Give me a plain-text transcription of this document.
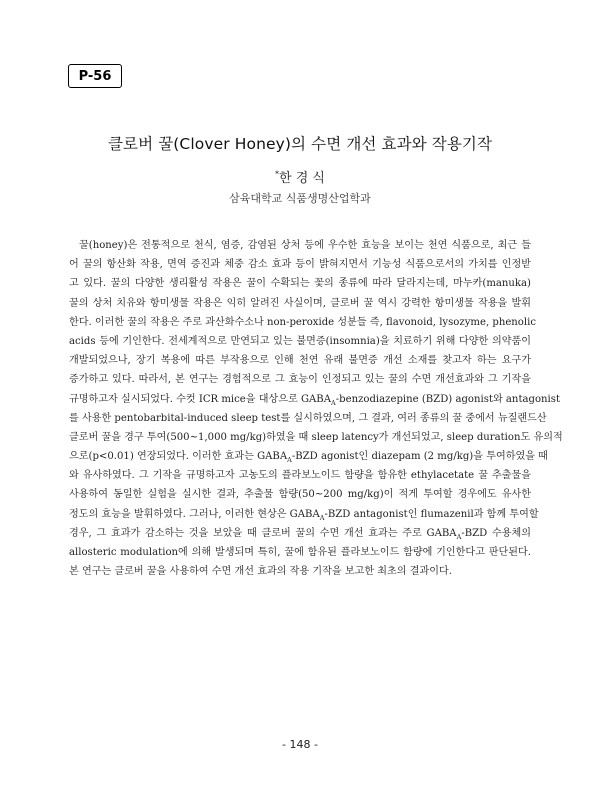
P-56
클로버 꿀(Clover Honey)의 수면 개선 효과와 작용기작
*한 경 식
삼육대학교 식품생명산업학과
꿀(honey)은 전통적으로 천식, 염증, 감염된 상처 등에 우수한 효능을 보이는 천연 식품으로, 최근 들
어 꿀의 항산화 작용, 면역 증진과 체중 감소 효과 등이 밝혀지면서 기능성 식품으로서의 가치를 인정받
고 있다. 꿀의 다양한 생리활성 작용은 꿀이 수확되는 꽃의 종류에 따라 달라지는데, 마누카(manuka)
꿀의 상처 치유와 항미생물 작용은 익히 알려진 사실이며, 클로버 꿀 역시 강력한 항미생물 작용을 발휘
한다. 이러한 꿀의 작용은 주로 과산화수소나 non-peroxide 성분들 즉, flavonoid, lysozyme, phenolic
acids 등에 기인한다. 전세계적으로 만연되고 있는 불면증(insomnia)을 치료하기 위해 다양한 의약품이
개발되었으나, 장기 복용에 따른 부작용으로 인해 천연 유래 불면증 개선 소재를 찾고자 하는 요구가
증가하고 있다. 따라서, 본 연구는 경험적으로 그 효능이 인정되고 있는 꿀의 수면 개선효과와 그 기작을
규명하고자 실시되었다. 수컷 ICR mice을 대상으로 $GABA_A$-benzodiazepine (BZD) agonist와 antagonist
를 사용한 pentobarbital-induced sleep test를 실시하였으며, 그 결과, 여러 종류의 꿀 중에서 뉴질랜드산
클로버 꿀을 경구 투여(500~1,000 mg/kg)하였을 때 sleep latency가 개선되었고, sleep duration도 유의적
으로(p<0.01) 연장되었다. 이러한 효과는 $GABA_A$-BZD agonist인 diazepam (2 mg/kg)을 투여하였을 때
와 유사하였다. 그 기작을 규명하고자 고농도의 플라보노이드 함량을 함유한 ethylacetate 꿀 추출물을
사용하여 동일한 실험을 실시한 결과, 추출물 함량(50~200 mg/kg)이 적게 투여할 경우에도 유사한
정도의 효능을 발휘하였다. 그러나, 이러한 현상은 $GABA_A$-BZD antagonist인 flumazenil과 함께 투여할
경우, 그 효과가 감소하는 것을 보았을 때 클로버 꿀의 수면 개선 효과는 주로 $GABA_A$-BZD 수용체의
allosteric modulation에 의해 발생되며 특히, 꿀에 함유된 플라보노이드 함량에 기인한다고 판단된다.
본 연구는 클로버 꿀을 사용하여 수면 개선 효과의 작용 기작을 보고한 최초의 결과이다.
- 148 -
